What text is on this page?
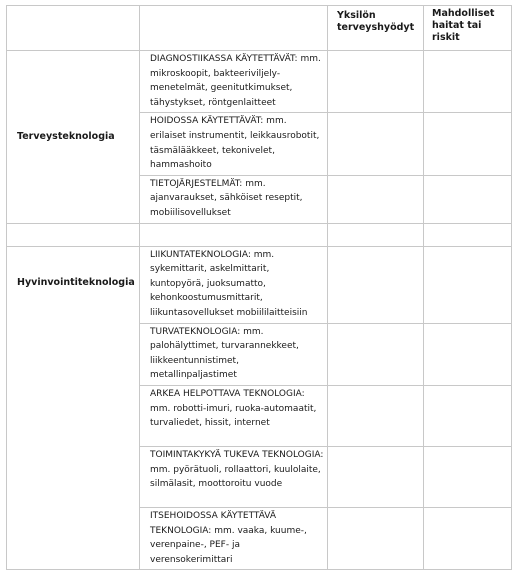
		Yksilön terveyshyödyt	Mahdolliset haitat tai riskit

Terveysteknologia	DIAGNOSTIIKASSA KÄYTETTÄVÄT: mm. mikroskoopit, bakteeriviljely-menetelmät, geenitutkimukset, tähystykset, röntgenlaitteet		
	HOIDOSSA KÄYTETTÄVÄT: mm. erilaiset instrumentit, leikkausrobotit, täsmälääkkeet, tekonivelet, hammashoito		
	TIETOJÄRJESTELMÄT: mm. ajanvaraukset, sähköiset reseptit, mobiilisovellukset		

Hyvinvointiteknologia	LIIKUNTATEKNOLOGIA: mm. sykemittarit, askelmittarit, kuntopyörä, juoksumatto, kehonkoostumusmittarit, liikuntasovellukset mobiililaitteisiin		
	TURVATEKNOLOGIA: mm. palohälyttimet, turvarannekkeet, liikkeentunnistimet, metallinpaljastimet		
	ARKEA HELPOTTAVA TEKNOLOGIA: mm. robotti-imuri, ruoka-automaatit, turvaliedet, hissit, internet		
	TOIMINTAKYKYÄ TUKEVA TEKNOLOGIA: mm. pyörätuoli, rollaattori, kuulolaite, silmälasit, moottoroitu vuode		
	ITSEHOIDOSSA KÄYTETTÄVÄ TEKNOLOGIA: mm. vaaka, kuume-, verenpaine-, PEF- ja verensokerimittari		
